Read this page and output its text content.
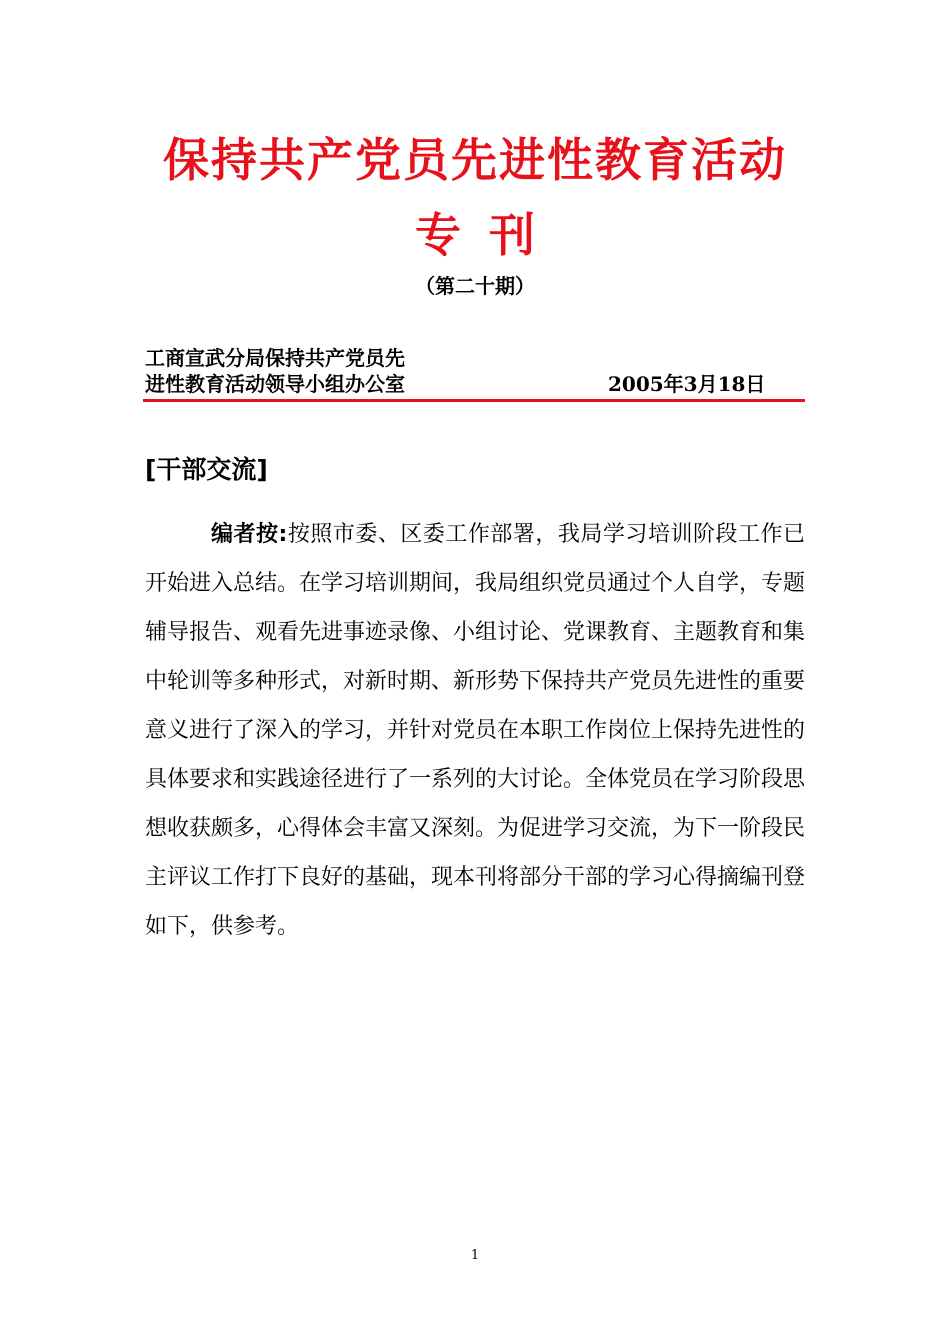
保持共产党员先进性教育活动
专刊
（第二十期）
工商宣武分局保持共产党员先
进性教育活动领导小组办公室	2005年3月18日
[干部交流]
编者按:按照市委、区委工作部署，我局学习培训阶段工作已开始进入总结。在学习培训期间，我局组织党员通过个人自学，专题辅导报告、观看先进事迹录像、小组讨论、党课教育、主题教育和集中轮训等多种形式，对新时期、新形势下保持共产党员先进性的重要意义进行了深入的学习，并针对党员在本职工作岗位上保持先进性的具体要求和实践途径进行了一系列的大讨论。全体党员在学习阶段思想收获颇多，心得体会丰富又深刻。为促进学习交流，为下一阶段民主评议工作打下良好的基础，现本刊将部分干部的学习心得摘编刊登如下，供参考。
1
